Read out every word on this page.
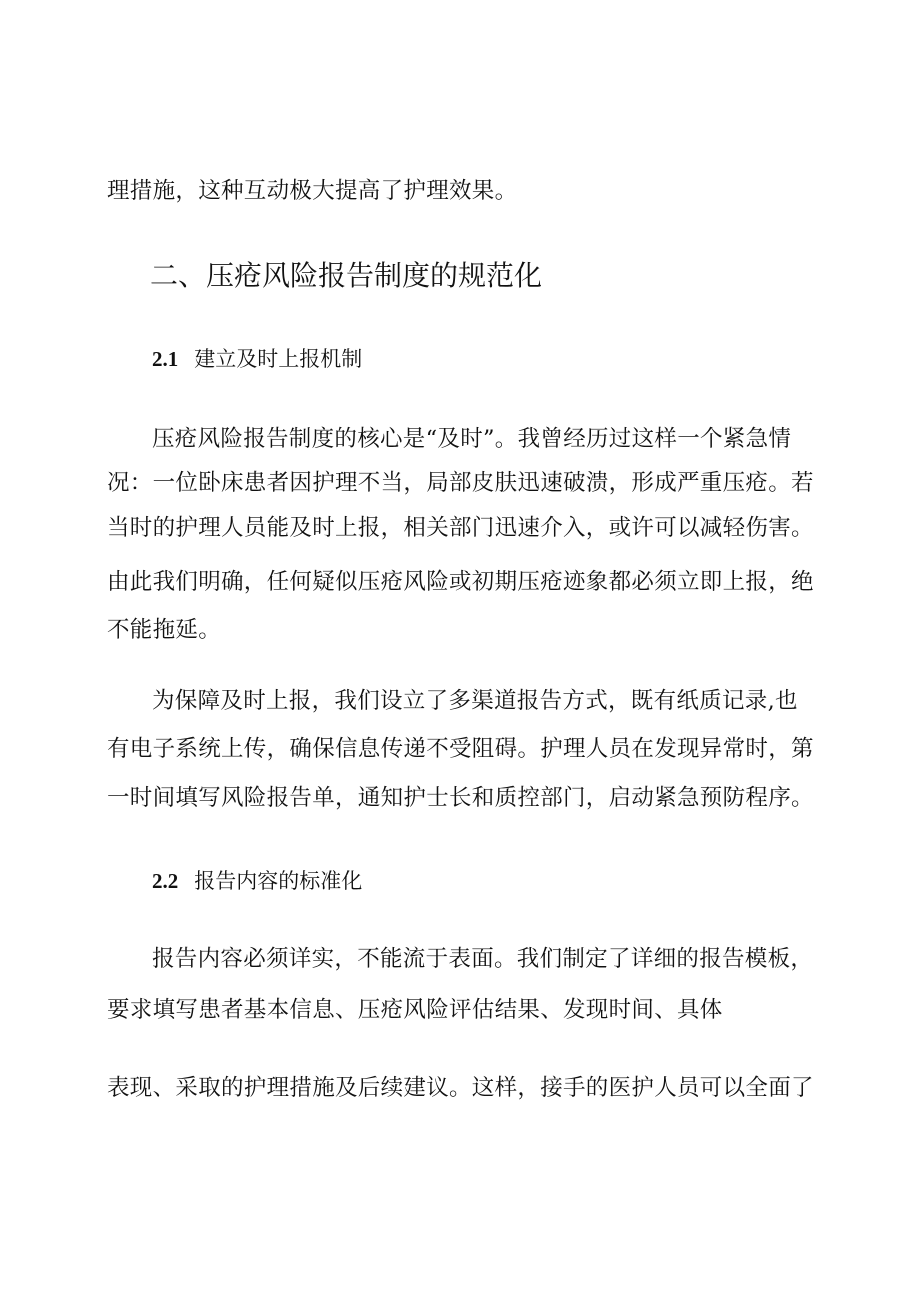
理措施，这种互动极大提高了护理效果。
二、压疮风险报告制度的规范化
2.1 建立及时上报机制
压疮风险报告制度的核心是“及时”。我曾经历过这样一个紧急情
况：一位卧床患者因护理不当，局部皮肤迅速破溃，形成严重压疮。若
当时的护理人员能及时上报，相关部门迅速介入，或许可以减轻伤害。
由此我们明确，任何疑似压疮风险或初期压疮迹象都必须立即上报，绝
不能拖延。
为保障及时上报，我们设立了多渠道报告方式，既有纸质记录,也
有电子系统上传，确保信息传递不受阻碍。护理人员在发现异常时，第
一时间填写风险报告单，通知护士长和质控部门，启动紧急预防程序。
2.2 报告内容的标准化
报告内容必须详实，不能流于表面。我们制定了详细的报告模板，
要求填写患者基本信息、压疮风险评估结果、发现时间、具体
表现、采取的护理措施及后续建议。这样，接手的医护人员可以全面了
